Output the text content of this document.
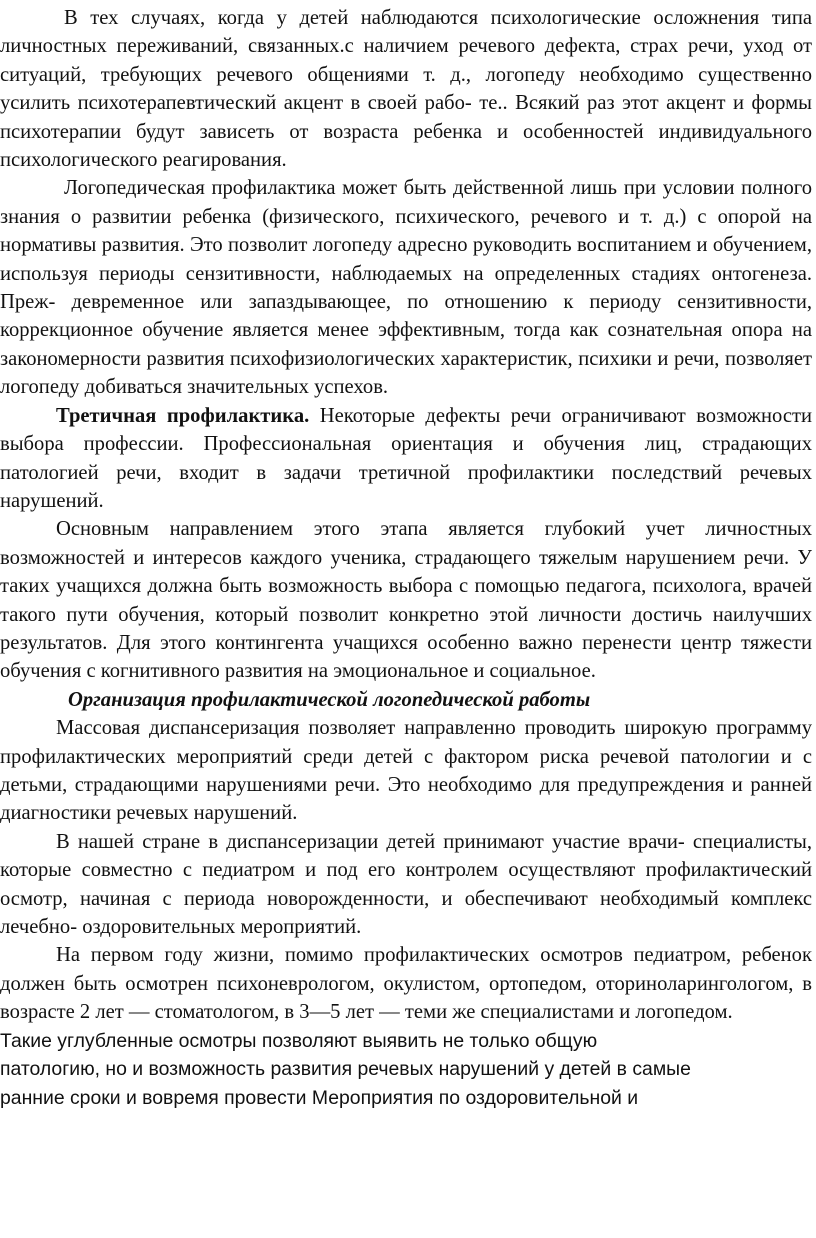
В тех случаях, когда у детей наблюдаются психологические осложнения типа личностных переживаний, связанных.с наличием речевого дефекта, страх речи, уход от ситуаций, требующих речевого общениями т. д., логопеду необходимо существенно усилить психотерапевтический акцент в своей рабо- те.. Всякий раз этот акцент и формы психотерапии будут зависеть от возраста ребенка и особенностей индивидуального психологического реагирования.

Логопедическая профилактика может быть действенной лишь при условии полного знания о развитии ребенка (физического, психического, речевого и т. д.) с опорой на нормативы развития. Это позволит логопеду адресно руководить воспитанием и обучением, используя периоды сензитивности, наблюдаемых на определенных стадиях онтогенеза. Преж- девременное или запаздывающее, по отношению к периоду сензитивности, коррекционное обучение является менее эффективным, тогда как сознательная опора на закономерности развития психофизиологических характеристик, психики и речи, позволяет логопеду добиваться значительных успехов.

Третичная профилактика. Некоторые дефекты речи ограничивают возможности выбора профессии. Профессиональная ориентация и обучения лиц, страдающих патологией речи, входит в задачи третичной профилактики последствий речевых нарушений.

Основным направлением этого этапа является глубокий учет личностных возможностей и интересов каждого ученика, страдающего тяжелым нарушением речи. У таких учащихся должна быть возможность выбора с помощью педагога, психолога, врачей такого пути обучения, который позволит конкретно этой личности достичь наилучших результатов. Для этого контингента учащихся особенно важно перенести центр тяжести обучения с когнитивного развития на эмоциональное и социальное.

Организация профилактической логопедической работы

Массовая диспансеризация позволяет направленно проводить широкую программу профилактических мероприятий среди детей с фактором риска речевой патологии и с детьми, страдающими нарушениями речи. Это необходимо для предупреждения и ранней диагностики речевых нарушений.

В нашей стране в диспансеризации детей принимают участие врачи- специалисты, которые совместно с педиатром и под его контролем осуществляют профилактический осмотр, начиная с периода новорожденности, и обеспечивают необходимый комплекс лечебно- оздоровительных мероприятий.

На первом году жизни, помимо профилактических осмотров педиатром, ребенок должен быть осмотрен психоневрологом, окулистом, ортопедом, оториноларингологом, в возрасте 2 лет — стоматологом, в 3—5 лет — теми же специалистами и логопедом.

Такие углубленные осмотры позволяют выявить не только общую

патологию, но и возможность развития речевых нарушений у детей в самые

ранние сроки и вовремя провести Мероприятия по оздоровительной и
